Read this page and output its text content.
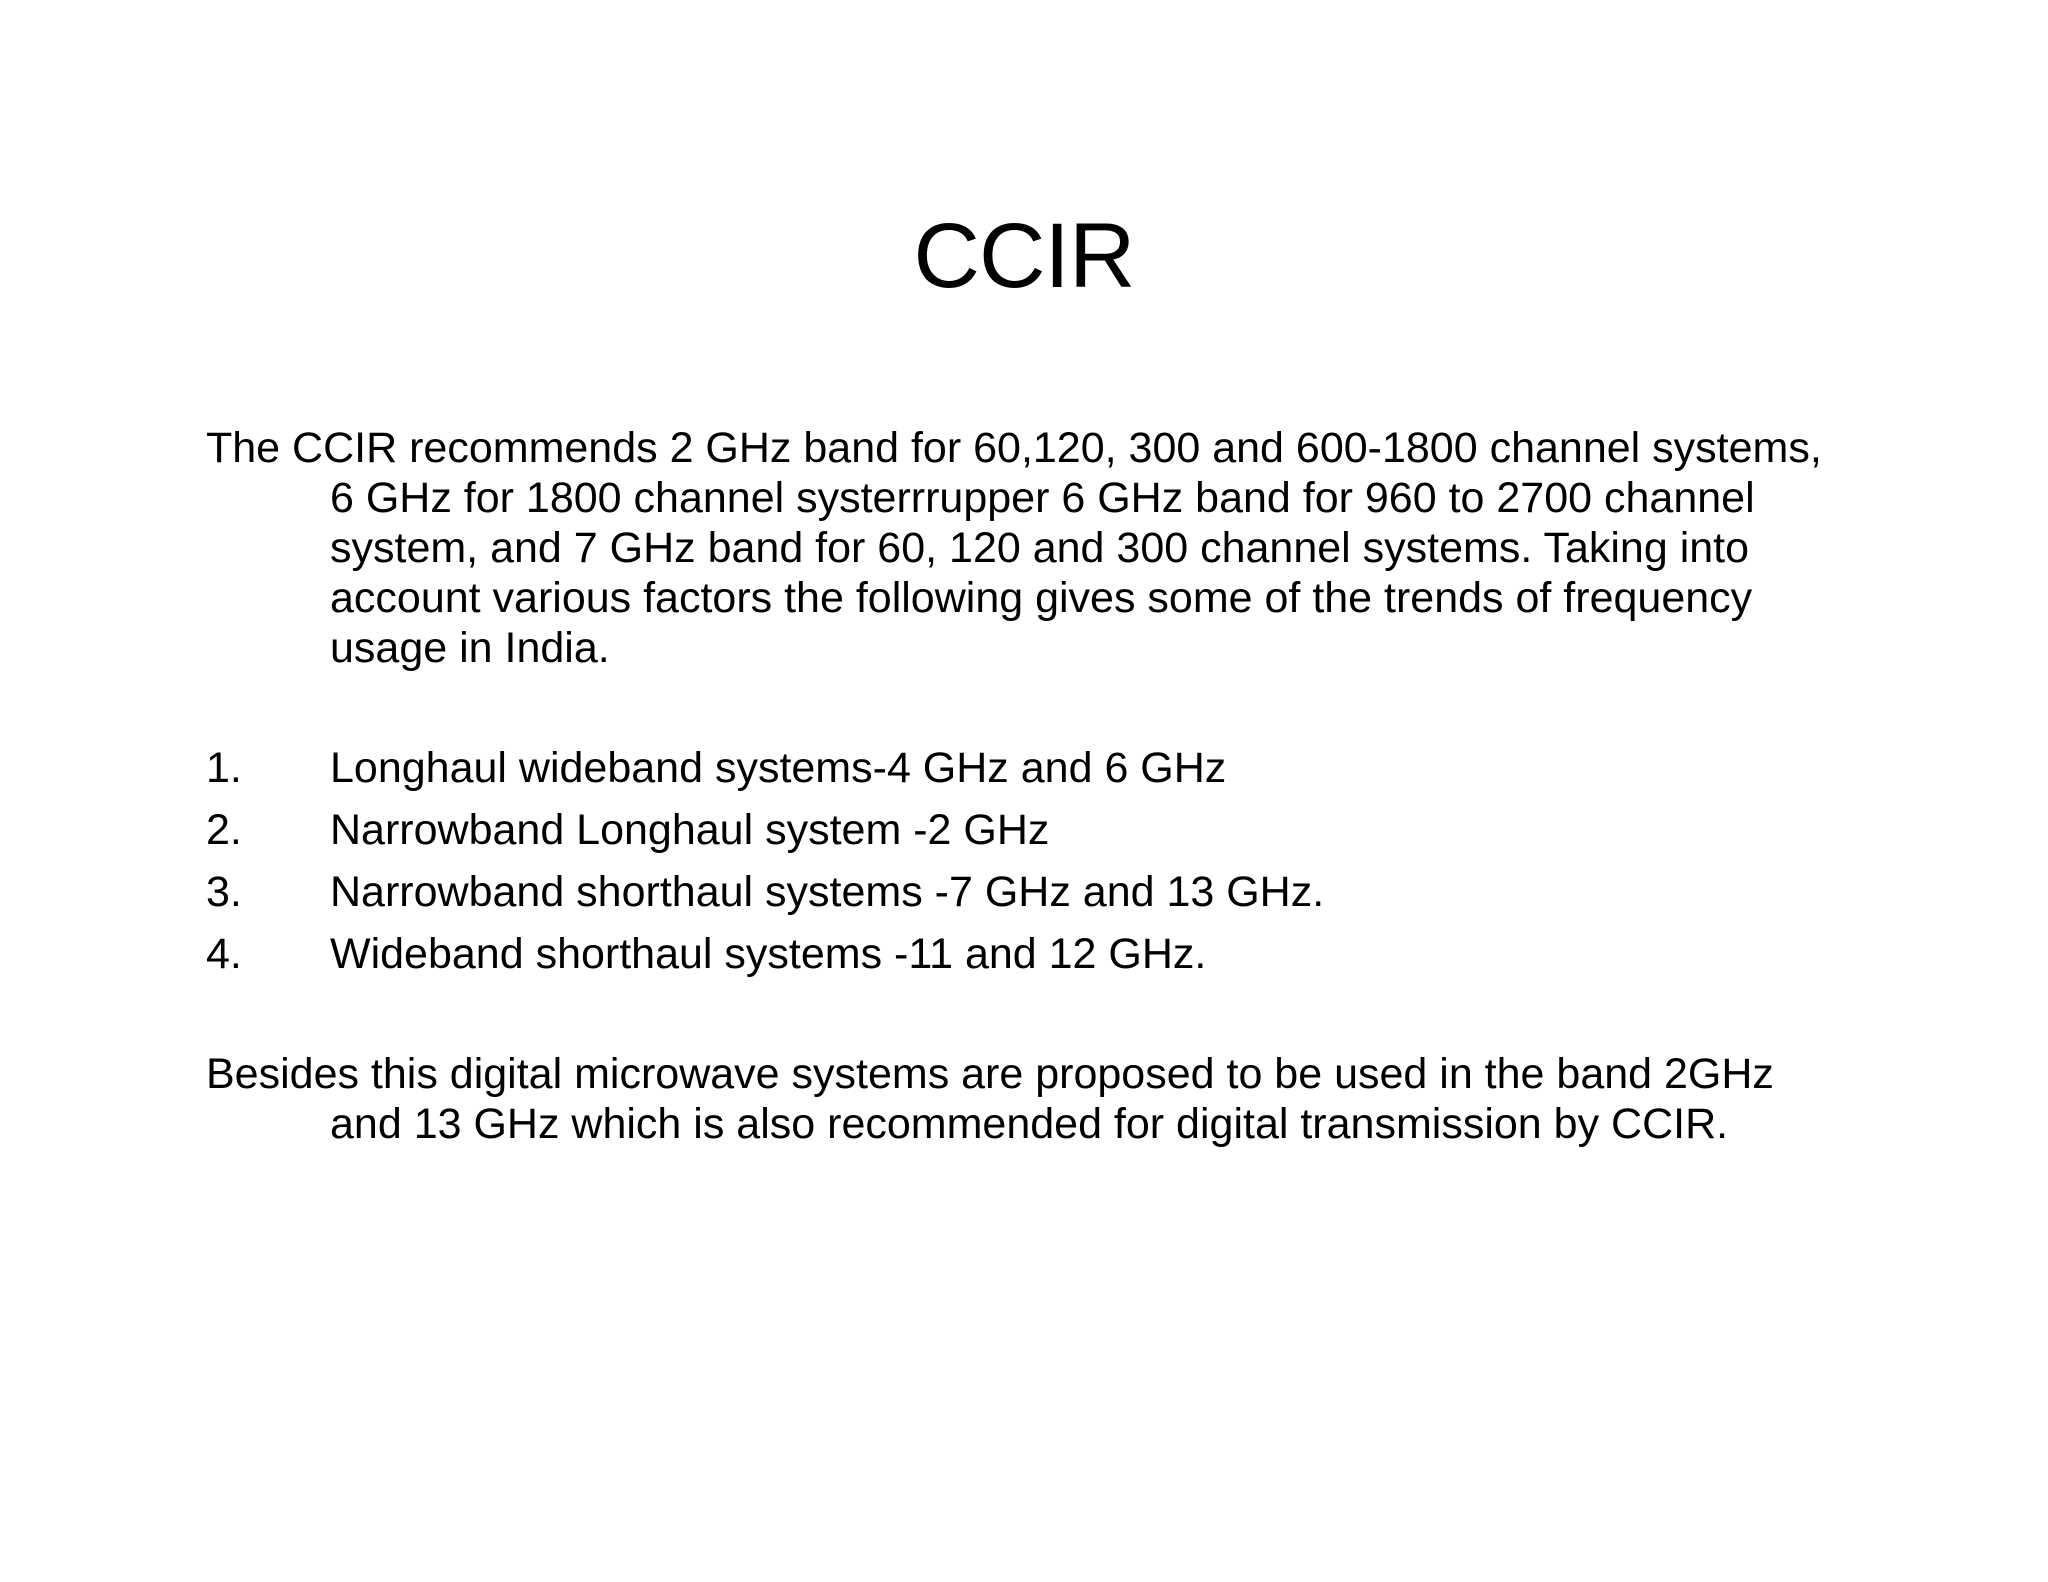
CCIR

The CCIR recommends 2 GHz band for 60,120, 300 and 600-1800 channel systems, 6 GHz for 1800 channel systerrrupper 6 GHz band for 960 to 2700 channel system, and 7 GHz band for 60, 120 and 300 channel systems. Taking into account various factors the following gives some of the trends of frequency usage in India.

1.	Longhaul wideband systems-4 GHz and 6 GHz
2.	Narrowband Longhaul system -2 GHz
3.	Narrowband shorthaul systems -7 GHz and 13 GHz.
4.	Wideband shorthaul systems -11 and 12 GHz.

Besides this digital microwave systems are proposed to be used in the band 2GHz and 13 GHz which is also recommended for digital transmission by CCIR.
